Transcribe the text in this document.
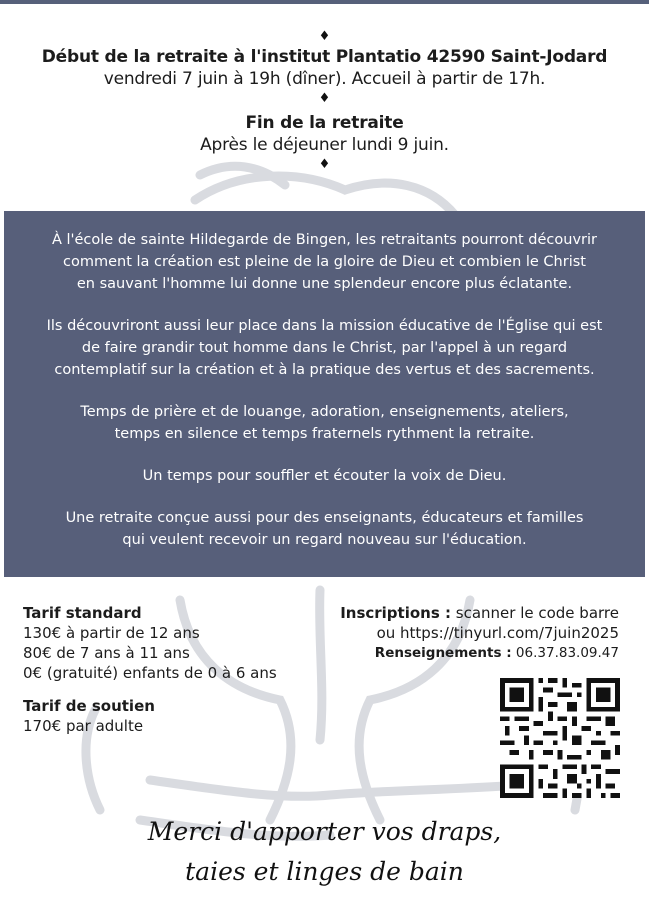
♦
Début de la retraite à l'institut Plantatio 42590 Saint-Jodard
vendredi 7 juin à 19h (dîner). Accueil à partir de 17h.
♦
Fin de la retraite
Après le déjeuner lundi 9 juin.
♦

À l'école de sainte Hildegarde de Bingen, les retraitants pourront découvrir
comment la création est pleine de la gloire de Dieu et combien le Christ
en sauvant l'homme lui donne une splendeur encore plus éclatante.

Ils découvriront aussi leur place dans la mission éducative de l'Église qui est
de faire grandir tout homme dans le Christ, par l'appel à un regard
contemplatif sur la création et à la pratique des vertus et des sacrements.

Temps de prière et de louange, adoration, enseignements, ateliers,
temps en silence et temps fraternels rythment la retraite.

Un temps pour souffler et écouter la voix de Dieu.

Une retraite conçue aussi pour des enseignants, éducateurs et familles
qui veulent recevoir un regard nouveau sur l'éducation.

Tarif standard
130€ à partir de 12 ans
80€ de 7 ans à 11 ans
0€ (gratuité) enfants de 0 à 6 ans
Tarif de soutien
170€ par adulte
Inscriptions : scanner le code barre
ou https://tinyurl.com/7juin2025
Renseignements : 06.37.83.09.47
Merci d'apporter vos draps,
taies et linges de bain
